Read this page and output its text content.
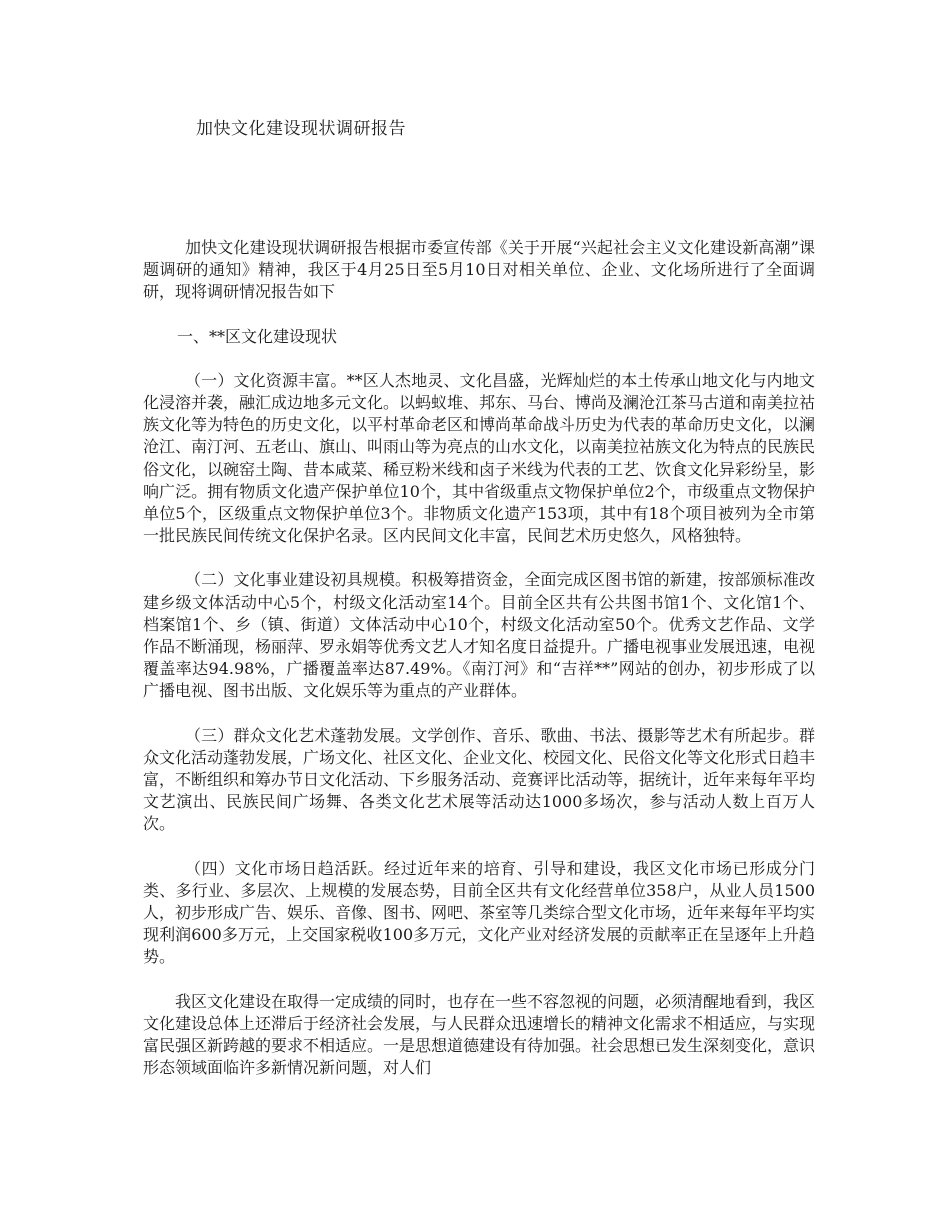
加快文化建设现状调研报告

加快文化建设现状调研报告根据市委宣传部《关于开展“兴起社会主义文化建设新高潮”课题调研的通知》精神，我区于4月25日至5月10日对相关单位、企业、文化场所进行了全面调研，现将调研情况报告如下

一、**区文化建设现状

（一）文化资源丰富。**区人杰地灵、文化昌盛，光辉灿烂的本土传承山地文化与内地文化浸溶并袭，融汇成边地多元文化。以蚂蚁堆、邦东、马台、博尚及澜沧江茶马古道和南美拉祜族文化等为特色的历史文化，以平村革命老区和博尚革命战斗历史为代表的革命历史文化，以澜沧江、南汀河、五老山、旗山、叫雨山等为亮点的山水文化，以南美拉祜族文化为特点的民族民俗文化，以碗窑土陶、昔本咸菜、稀豆粉米线和卤子米线为代表的工艺、饮食文化异彩纷呈，影响广泛。拥有物质文化遗产保护单位10个，其中省级重点文物保护单位2个，市级重点文物保护单位5个，区级重点文物保护单位3个。非物质文化遗产153项，其中有18个项目被列为全市第一批民族民间传统文化保护名录。区内民间文化丰富，民间艺术历史悠久，风格独特。

（二）文化事业建设初具规模。积极筹措资金，全面完成区图书馆的新建，按部颁标准改建乡级文体活动中心5个，村级文化活动室14个。目前全区共有公共图书馆1个、文化馆1个、档案馆1个、乡（镇、街道）文体活动中心10个，村级文化活动室50个。优秀文艺作品、文学作品不断涌现，杨丽萍、罗永娟等优秀文艺人才知名度日益提升。广播电视事业发展迅速，电视覆盖率达94.98%，广播覆盖率达87.49%。《南汀河》和“吉祥**”网站的创办，初步形成了以广播电视、图书出版、文化娱乐等为重点的产业群体。

（三）群众文化艺术蓬勃发展。文学创作、音乐、歌曲、书法、摄影等艺术有所起步。群众文化活动蓬勃发展，广场文化、社区文化、企业文化、校园文化、民俗文化等文化形式日趋丰富，不断组织和筹办节日文化活动、下乡服务活动、竞赛评比活动等，据统计，近年来每年平均文艺演出、民族民间广场舞、各类文化艺术展等活动达1000多场次，参与活动人数上百万人次。

（四）文化市场日趋活跃。经过近年来的培育、引导和建设，我区文化市场已形成分门类、多行业、多层次、上规模的发展态势，目前全区共有文化经营单位358户，从业人员1500人，初步形成广告、娱乐、音像、图书、网吧、茶室等几类综合型文化市场，近年来每年平均实现利润600多万元，上交国家税收100多万元，文化产业对经济发展的贡献率正在呈逐年上升趋势。

我区文化建设在取得一定成绩的同时，也存在一些不容忽视的问题，必须清醒地看到，我区文化建设总体上还滞后于经济社会发展，与人民群众迅速增长的精神文化需求不相适应，与实现富民强区新跨越的要求不相适应。一是思想道德建设有待加强。社会思想已发生深刻变化，意识形态领域面临许多新情况新问题，对人们
